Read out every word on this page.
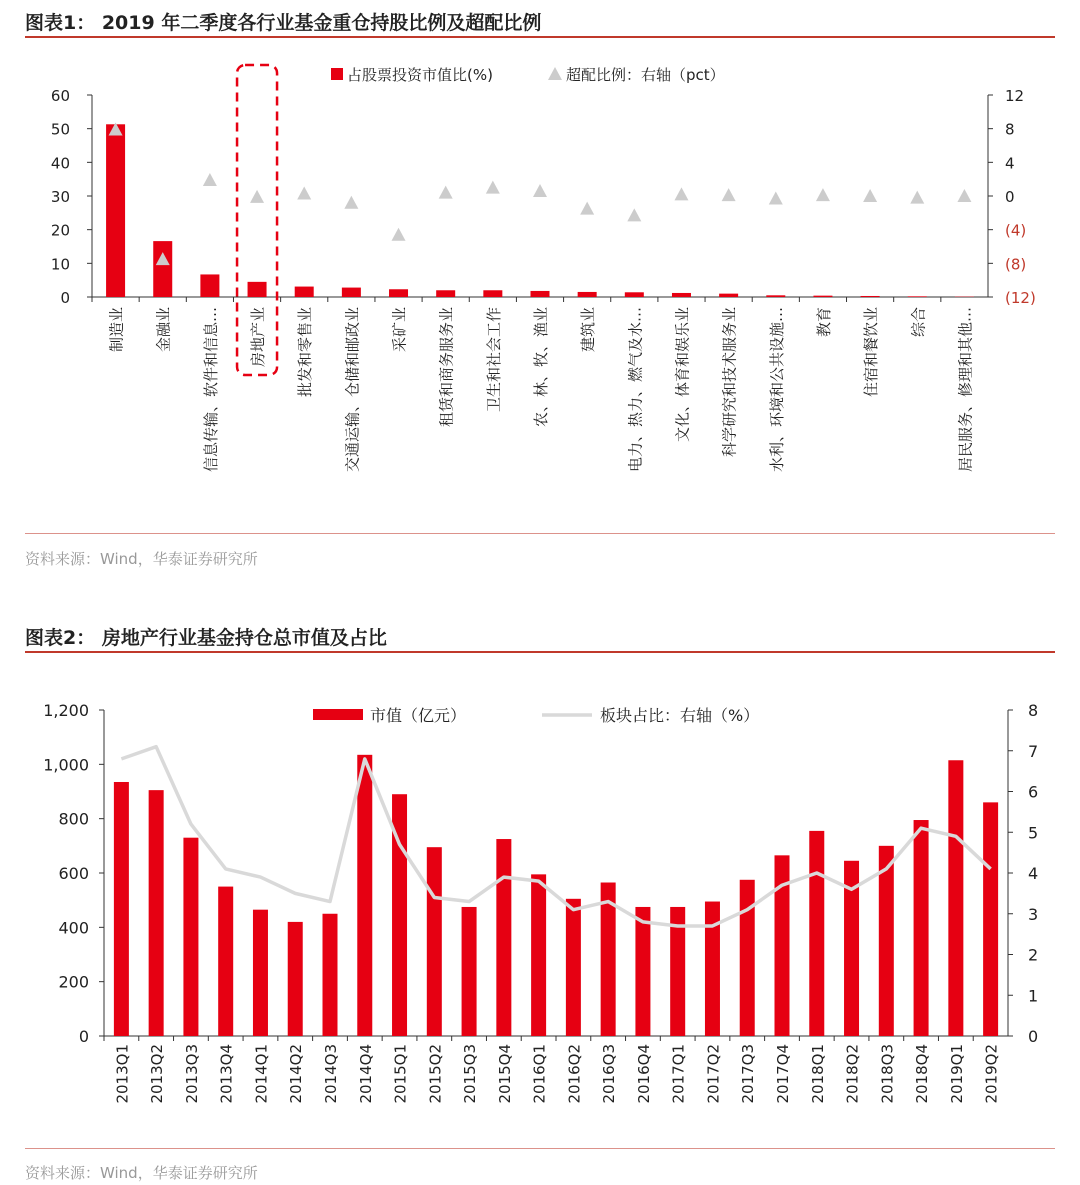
图表1： 2019 年二季度各行业基金重仓持股比例及超配比例
0
10
20
30
40
50
60
(12)
(8)
(4)
0
4
8
12
制造业 金融业 信息传输、软件和信息… 房地产业 批发和零售业 交通运输、仓储和邮政业 采矿业 租赁和商务服务业 卫生和社会工作 农、林、牧、渔业 建筑业 电力、热力、燃气及水… 文化、体育和娱乐业 科学研究和技术服务业 水利、环境和公共设施… 教育 住宿和餐饮业 综合 居民服务、修理和其他…
占股票投资市值比(%)	超配比例：右轴（pct）
资料来源：Wind，华泰证券研究所
图表2： 房地产行业基金持仓总市值及占比
0
200
400
600
800
1,000
1,200
0
1
2
3
4
5
6
7
8
2013Q1 2013Q2 2013Q3 2013Q4 2014Q1 2014Q2 2014Q3 2014Q4 2015Q1 2015Q2 2015Q3 2015Q4 2016Q1 2016Q2 2016Q3 2016Q4 2017Q1 2017Q2 2017Q3 2017Q4 2018Q1 2018Q2 2018Q3 2018Q4 2019Q1 2019Q2
市值（亿元）	板块占比：右轴（%）
资料来源：Wind，华泰证券研究所
